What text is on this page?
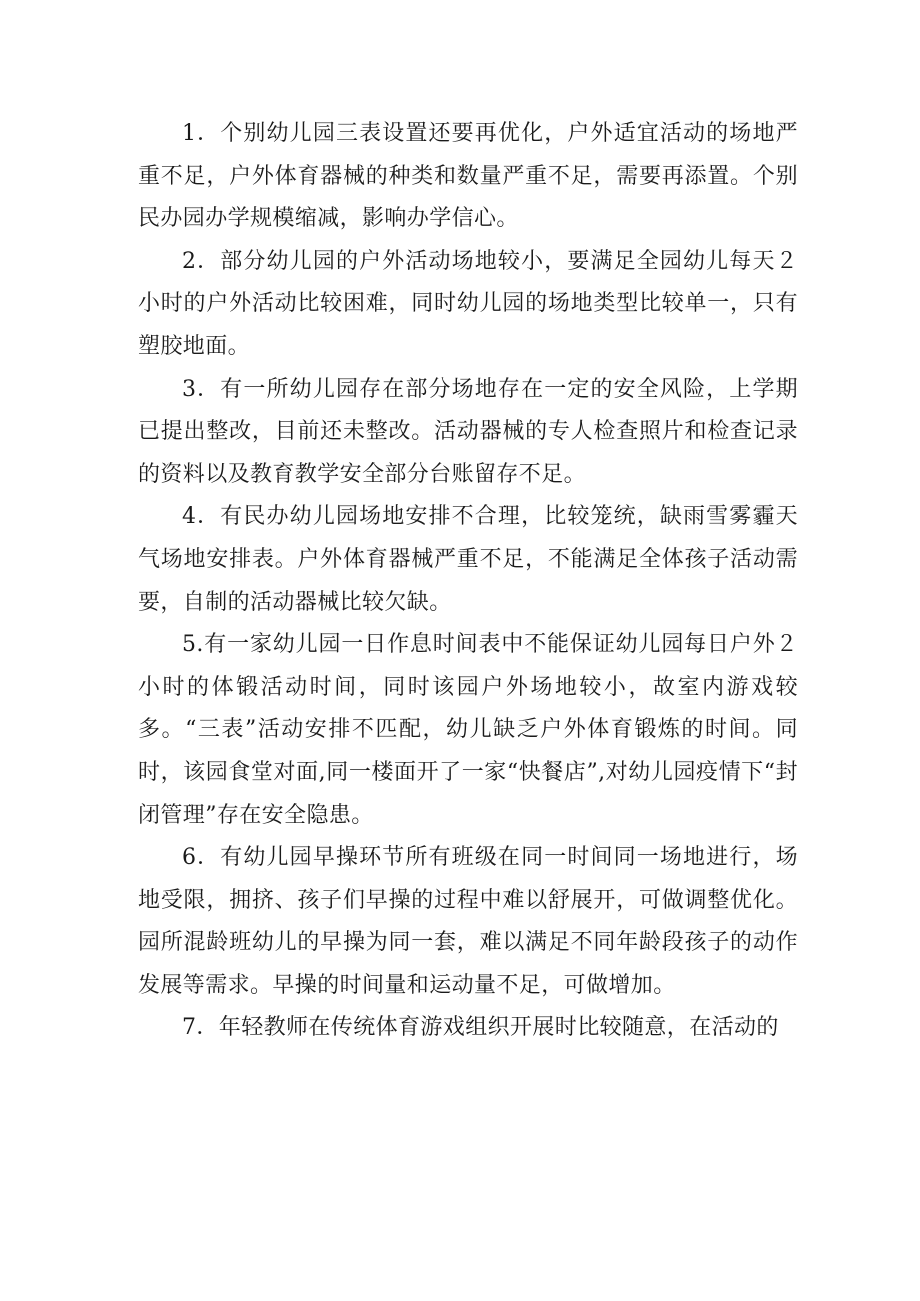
1．个别幼儿园三表设置还要再优化，户外适宜活动的场地严重不足，户外体育器械的种类和数量严重不足，需要再添置。个别民办园办学规模缩减，影响办学信心。

2．部分幼儿园的户外活动场地较小，要满足全园幼儿每天２小时的户外活动比较困难，同时幼儿园的场地类型比较单一，只有塑胶地面。

3．有一所幼儿园存在部分场地存在一定的安全风险，上学期已提出整改，目前还未整改。活动器械的专人检查照片和检查记录的资料以及教育教学安全部分台账留存不足。

4．有民办幼儿园场地安排不合理，比较笼统，缺雨雪雾霾天气场地安排表。户外体育器械严重不足，不能满足全体孩子活动需要，自制的活动器械比较欠缺。

5.有一家幼儿园一日作息时间表中不能保证幼儿园每日户外２小时的体锻活动时间，同时该园户外场地较小，故室内游戏较多。“三表”活动安排不匹配，幼儿缺乏户外体育锻炼的时间。同时，该园食堂对面,同一楼面开了一家“快餐店”,对幼儿园疫情下“封闭管理”存在安全隐患。

6．有幼儿园早操环节所有班级在同一时间同一场地进行，场地受限，拥挤、孩子们早操的过程中难以舒展开，可做调整优化。园所混龄班幼儿的早操为同一套，难以满足不同年龄段孩子的动作发展等需求。早操的时间量和运动量不足，可做增加。

7．年轻教师在传统体育游戏组织开展时比较随意，在活动的
